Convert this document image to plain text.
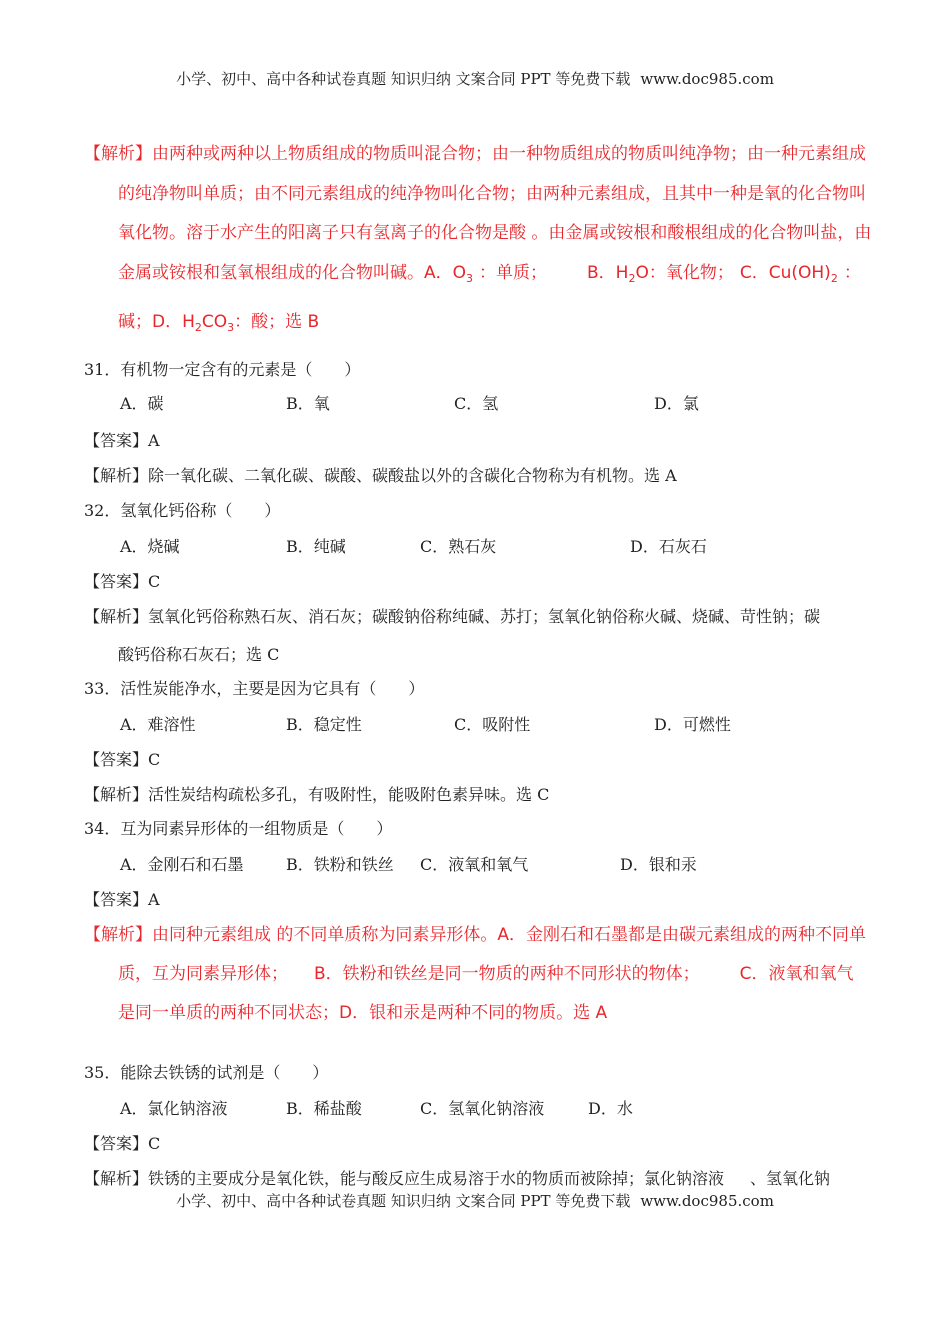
小学、初中、高中各种试卷真题 知识归纳 文案合同 PPT 等免费下载 www.doc985.com
【解析】由两种或两种以上物质组成的物质叫混合物；由一种物质组成的物质叫纯净物；由一种元素组成
的纯净物叫单质；由不同元素组成的纯净物叫化合物；由两种元素组成，且其中一种是氧的化合物叫
氧化物。溶于水产生的阳离子只有氢离子的化合物是酸 。由金属或铵根和酸根组成的化合物叫盐，由
金属或铵根和氢氧根组成的化合物叫碱。A．$O_3$ ：单质； B．$H_2O$：氧化物； C．$Cu(OH)_2$ ：
碱；D．$H_2CO_3$：酸；选 B
31．有机物一定含有的元素是（　　）
A．碳	B．氧	C．氢	D．氯
【答案】A
【解析】除一氧化碳、二氧化碳、碳酸、碳酸盐以外的含碳化合物称为有机物。选 A
32．氢氧化钙俗称（　　）
A．烧碱	B．纯碱	C．熟石灰	D．石灰石
【答案】C
【解析】氢氧化钙俗称熟石灰、消石灰；碳酸钠俗称纯碱、苏打；氢氧化钠俗称火碱、烧碱、苛性钠；碳
酸钙俗称石灰石；选 C
33．活性炭能净水，主要是因为它具有（　　）
A．难溶性	B．稳定性	C．吸附性	D．可燃性
【答案】C
【解析】活性炭结构疏松多孔，有吸附性，能吸附色素异味。选 C
34．互为同素异形体的一组物质是（　　）
A．金刚石和石墨	B．铁粉和铁丝 C．液氧和氧气	D．银和汞
【答案】A
【解析】由同种元素组成 的不同单质称为同素异形体。A．金刚石和石墨都是由碳元素组成的两种不同单
质，互为同素异形体； B．铁粉和铁丝是同一物质的两种不同形状的物体； C．液氧和氧气
是同一单质的两种不同状态；D．银和汞是两种不同的物质。选 A
35．能除去铁锈的试剂是（　　）
A．氯化钠溶液	B．稀盐酸	C．氢氧化钠溶液	D．水
【答案】C
【解析】铁锈的主要成分是氧化铁，能与酸反应生成易溶于水的物质而被除掉；氯化钠溶液 、氢氧化钠
小学、初中、高中各种试卷真题 知识归纳 文案合同 PPT 等免费下载 www.doc985.com
